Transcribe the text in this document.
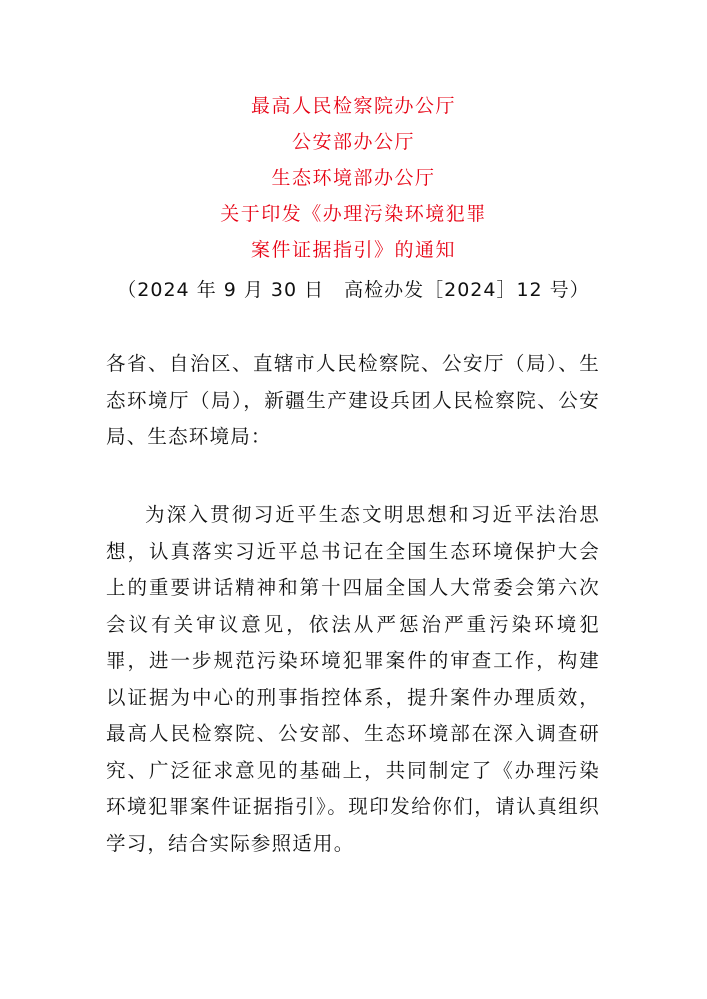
最高人民检察院办公厅
公安部办公厅
生态环境部办公厅
关于印发《办理污染环境犯罪
案件证据指引》的通知
（2024 年 9 月 30 日　高检办发［2024］12 号）
各省、自治区、直辖市人民检察院、公安厅（局）、生态环境厅（局），新疆生产建设兵团人民检察院、公安局、生态环境局：
为深入贯彻习近平生态文明思想和习近平法治思想，认真落实习近平总书记在全国生态环境保护大会上的重要讲话精神和第十四届全国人大常委会第六次会议有关审议意见，依法从严惩治严重污染环境犯罪，进一步规范污染环境犯罪案件的审查工作，构建以证据为中心的刑事指控体系，提升案件办理质效，最高人民检察院、公安部、生态环境部在深入调查研究、广泛征求意见的基础上，共同制定了《办理污染环境犯罪案件证据指引》。现印发给你们，请认真组织学习，结合实际参照适用。
